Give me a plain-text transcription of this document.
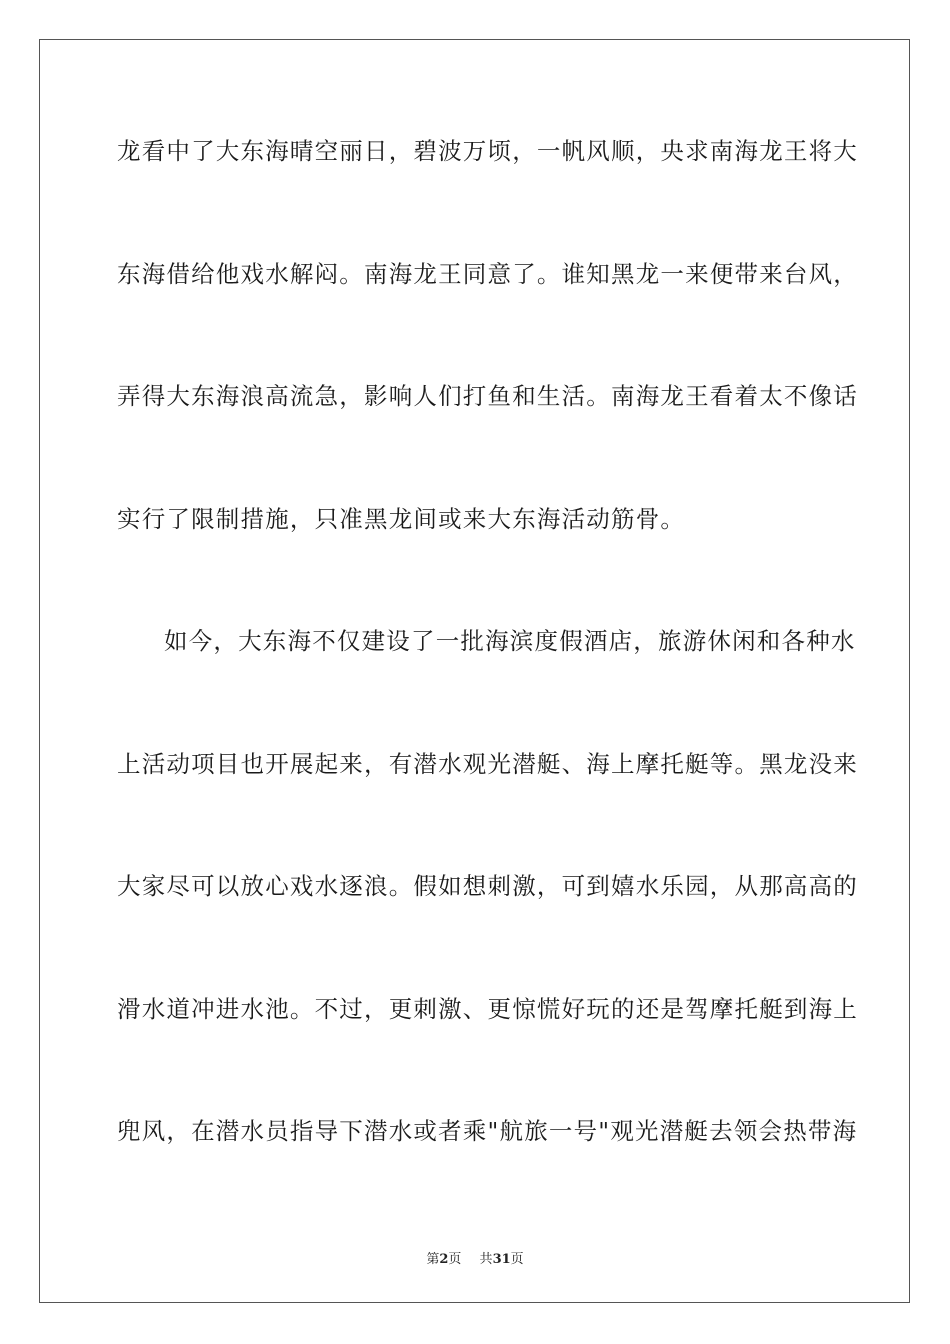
龙看中了大东海晴空丽日，碧波万顷，一帆风顺，央求南海龙王将大
东海借给他戏水解闷。南海龙王同意了。谁知黑龙一来便带来台风，
弄得大东海浪高流急，影响人们打鱼和生活。南海龙王看着太不像话
实行了限制措施，只准黑龙间或来大东海活动筋骨。
如今，大东海不仅建设了一批海滨度假酒店，旅游休闲和各种水
上活动项目也开展起来，有潜水观光潜艇、海上摩托艇等。黑龙没来
大家尽可以放心戏水逐浪。假如想刺激，可到嬉水乐园，从那高高的
滑水道冲进水池。不过，更刺激、更惊慌好玩的还是驾摩托艇到海上
兜风，在潜水员指导下潜水或者乘"航旅一号"观光潜艇去领会热带海
第2页 共31页
